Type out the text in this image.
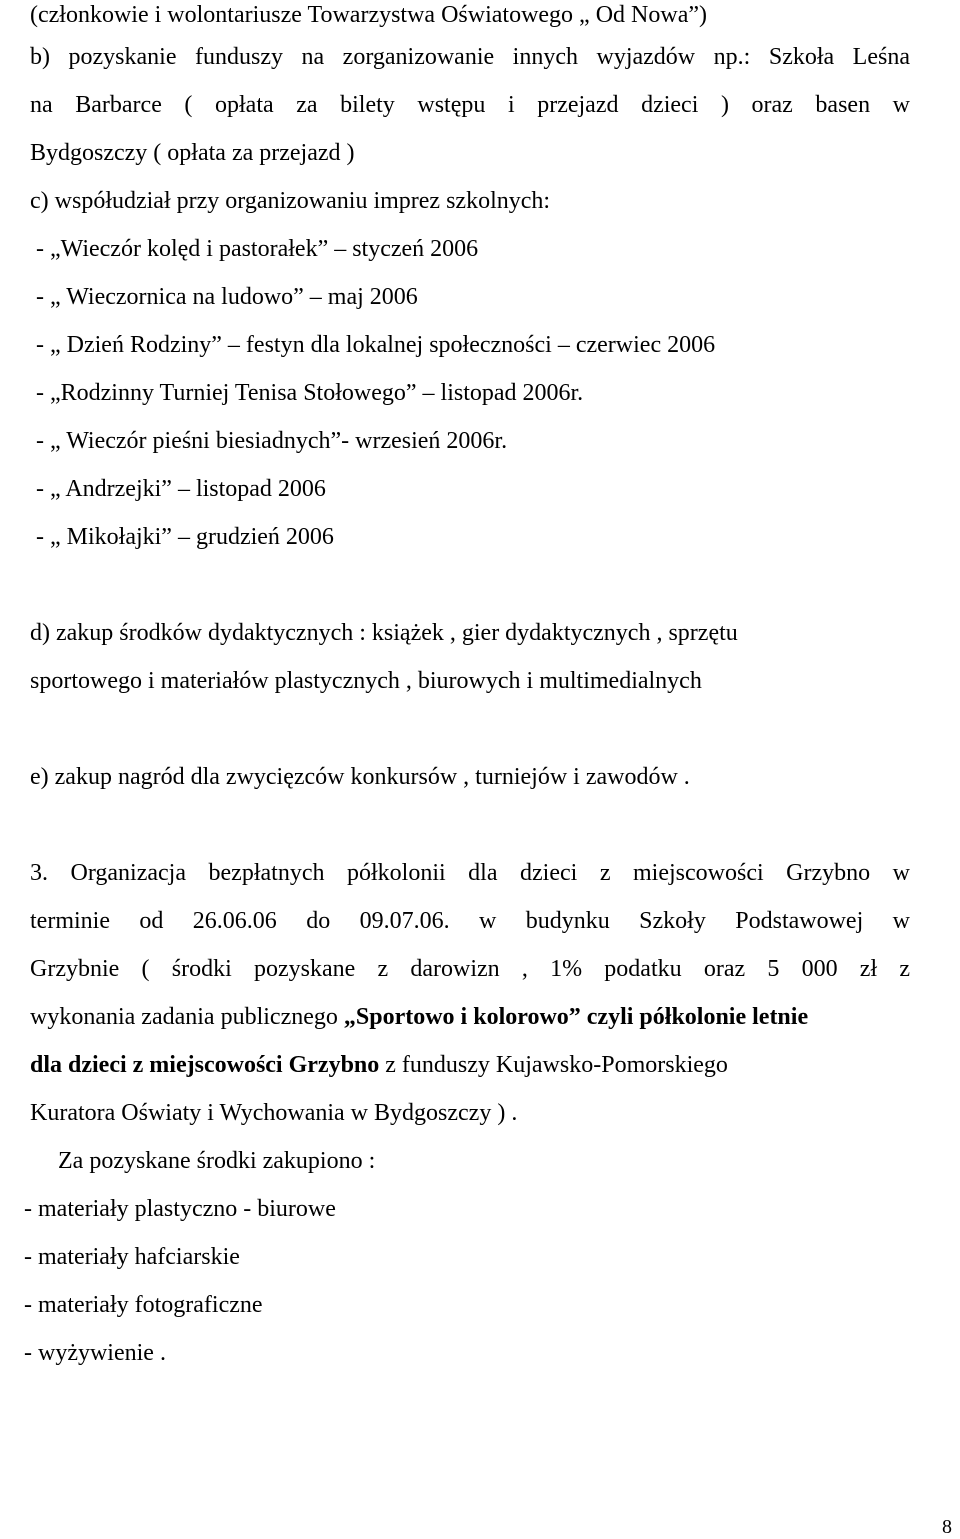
(członkowie i wolontariusze Towarzystwa Oświatowego „ Od Nowa”)
b) pozyskanie funduszy na zorganizowanie innych wyjazdów np.: Szkoła Leśna
na Barbarce ( opłata za bilety wstępu i przejazd dzieci ) oraz basen w
Bydgoszczy ( opłata za przejazd )
c) współudział przy organizowaniu imprez szkolnych:
- „Wieczór kolęd i pastorałek” – styczeń 2006
- „ Wieczornica na ludowo” – maj 2006
- „ Dzień Rodziny” – festyn dla lokalnej społeczności – czerwiec 2006
- „Rodzinny Turniej Tenisa Stołowego” – listopad 2006r.
- „ Wieczór pieśni biesiadnych”- wrzesień 2006r.
- „ Andrzejki” – listopad 2006
- „ Mikołajki” – grudzień 2006
d) zakup środków dydaktycznych : książek , gier dydaktycznych , sprzętu
sportowego i materiałów plastycznych , biurowych i multimedialnych
e) zakup nagród dla zwycięzców konkursów , turniejów i zawodów .
3. Organizacja bezpłatnych półkolonii dla dzieci z miejscowości Grzybno w
terminie od 26.06.06 do 09.07.06. w budynku Szkoły Podstawowej w
Grzybnie ( środki pozyskane z darowizn , 1% podatku oraz 5 000 zł z
wykonania zadania publicznego „Sportowo i kolorowo” czyli półkolonie letnie
dla dzieci z miejscowości Grzybno z funduszy Kujawsko-Pomorskiego
Kuratora Oświaty i Wychowania w Bydgoszczy ) .
Za pozyskane środki zakupiono :
- materiały plastyczno - biurowe
- materiały hafciarskie
- materiały fotograficzne
- wyżywienie .
8
